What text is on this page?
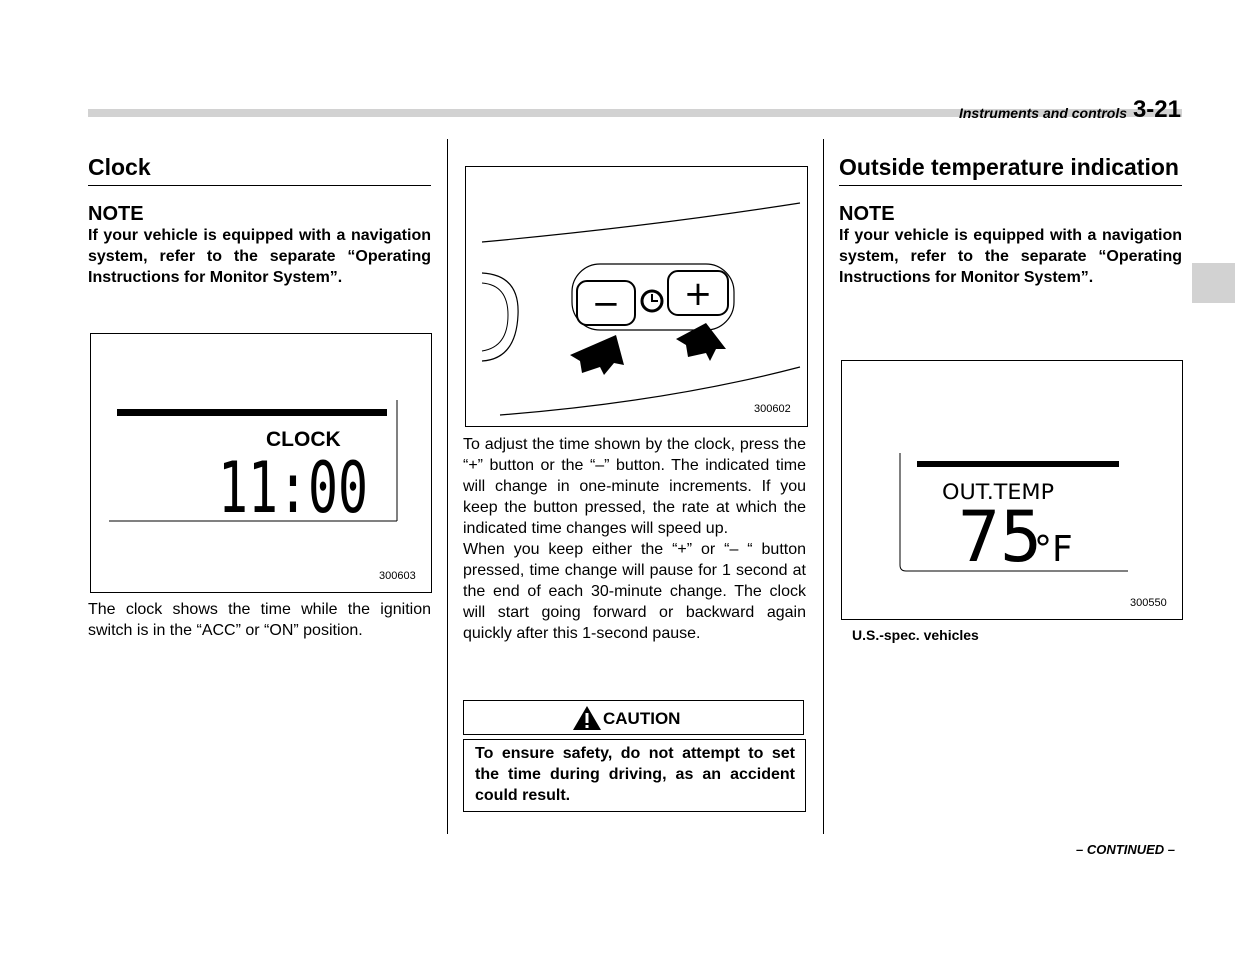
Instruments and controls 3-21
Clock
NOTE
If your vehicle is equipped with a navigation system, refer to the separate “Operating Instructions for Monitor System”.
CLOCK
11:00
300603
The clock shows the time while the ignition switch is in the “ACC” or “ON” position.
− +
300602
To adjust the time shown by the clock, press the “+” button or the “–” button. The indicated time will change in one-minute increments. If you keep the button pressed, the rate at which the indicated time changes will speed up.
When you keep either the “+” or “– “ button pressed, time change will pause for 1 second at the end of each 30-minute change. The clock will start going forward or backward again quickly after this 1-second pause.
CAUTION
To ensure safety, do not attempt to set the time during driving, as an accident could result.
Outside temperature indication
NOTE
If your vehicle is equipped with a navigation system, refer to the separate “Operating Instructions for Monitor System”.
OUT.TEMP
75
°F
300550
U.S.-spec. vehicles
– CONTINUED –
